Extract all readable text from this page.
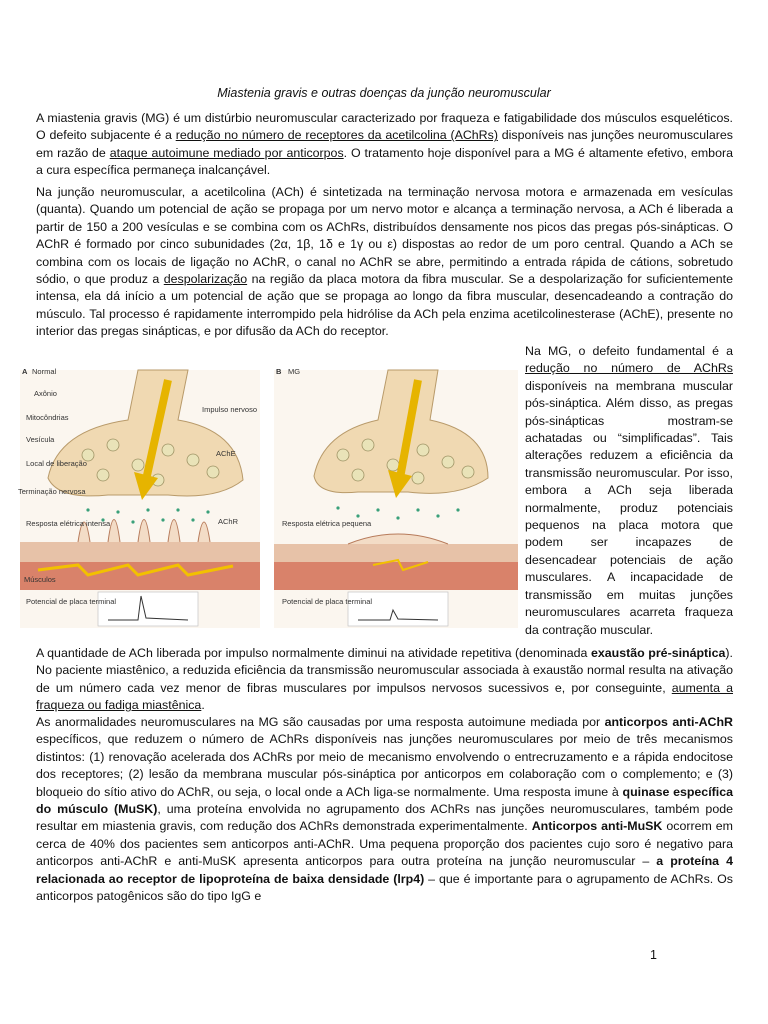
Miastenia gravis e outras doenças da junção neuromuscular

A miastenia gravis (MG) é um distúrbio neuromuscular caracterizado por fraqueza e fatigabilidade dos músculos esqueléticos. O defeito subjacente é a redução no número de receptores da acetilcolina (AChRs) disponíveis nas junções neuromusculares em razão de ataque autoimune mediado por anticorpos. O tratamento hoje disponível para a MG é altamente efetivo, embora a cura específica permaneça inalcançável.

Na junção neuromuscular, a acetilcolina (ACh) é sintetizada na terminação nervosa motora e armazenada em vesículas (quanta). Quando um potencial de ação se propaga por um nervo motor e alcança a terminação nervosa, a ACh é liberada a partir de 150 a 200 vesículas e se combina com os AChRs, distribuídos densamente nos picos das pregas pós-sinápticas. O AChR é formado por cinco subunidades (2α, 1β, 1δ e 1γ ou ε) dispostas ao redor de um poro central. Quando a ACh se combina com os locais de ligação no AChR, o canal no AChR se abre, permitindo a entrada rápida de cátions, sobretudo sódio, o que produz a despolarização na região da placa motora da fibra muscular. Se a despolarização for suficientemente intensa, ela dá início a um potencial de ação que se propaga ao longo da fibra muscular, desencadeando a contração do músculo. Tal processo é rapidamente interrompido pela hidrólise da ACh pela enzima acetilcolinesterase (AChE), presente no interior das pregas sinápticas, e por difusão da ACh do receptor.

A Normal
Axônio
Mitocôndrias
Vesícula
Local de liberação
Terminação nervosa
Resposta elétrica intensa
Músculos
Potencial de placa terminal
Impulso nervoso
AChE
AChR
B MG
Resposta elétrica pequena
Potencial de placa terminal

Na MG, o defeito fundamental é a redução no número de AChRs disponíveis na membrana muscular pós-sináptica. Além disso, as pregas pós-sinápticas mostram-se achatadas ou “simplificadas”. Tais alterações reduzem a eficiência da transmissão neuromuscular. Por isso, embora a ACh seja liberada normalmente, produz potenciais pequenos na placa motora que podem ser incapazes de desencadear potenciais de ação musculares. A incapacidade de transmissão em muitas junções neuromusculares acarreta fraqueza da contração muscular.

A quantidade de ACh liberada por impulso normalmente diminui na atividade repetitiva (denominada exaustão pré-sináptica). No paciente miastênico, a reduzida eficiência da transmissão neuromuscular associada à exaustão normal resulta na ativação de um número cada vez menor de fibras musculares por impulsos nervosos sucessivos e, por conseguinte, aumenta a fraqueza ou fadiga miastênica.

As anormalidades neuromusculares na MG são causadas por uma resposta autoimune mediada por anticorpos anti-AChR específicos, que reduzem o número de AChRs disponíveis nas junções neuromusculares por meio de três mecanismos distintos: (1) renovação acelerada dos AChRs por meio de mecanismo envolvendo o entrecruzamento e a rápida endocitose dos receptores; (2) lesão da membrana muscular pós-sináptica por anticorpos em colaboração com o complemento; e (3) bloqueio do sítio ativo do AChR, ou seja, o local onde a ACh liga-se normalmente. Uma resposta imune à quinase específica do músculo (MuSK), uma proteína envolvida no agrupamento dos AChRs nas junções neuromusculares, também pode resultar em miastenia gravis, com redução dos AChRs demonstrada experimentalmente. Anticorpos anti-MuSK ocorrem em cerca de 40% dos pacientes sem anticorpos anti-AChR. Uma pequena proporção dos pacientes cujo soro é negativo para anticorpos anti-AChR e anti-MuSK apresenta anticorpos para outra proteína na junção neuromuscular – a proteína 4 relacionada ao receptor de lipoproteína de baixa densidade (lrp4) – que é importante para o agrupamento de AChRs. Os anticorpos patogênicos são do tipo IgG e

1
